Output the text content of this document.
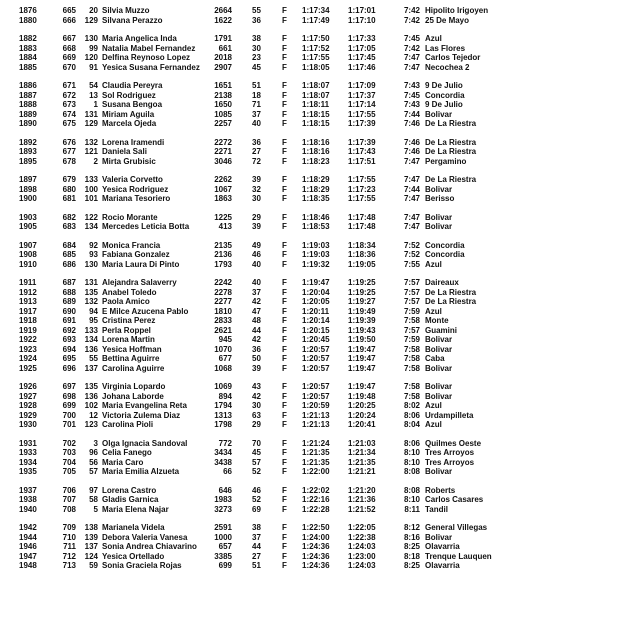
1876	665	20 Silvia Muzzo	2664	55	F 1:17:34 1:17:01	7:42 Hipolito Irigoyen
1880	666	129 Silvana Perazzo	1622	36	F 1:17:49 1:17:10	7:42 25 De Mayo
1882	667	130 Maria Angelica Inda	1791	38	F 1:17:50 1:17:33	7:45 Azul
1883	668	99 Natalia Mabel Fernandez	661	30	F 1:17:52 1:17:05	7:42 Las Flores
1884	669	120 Delfina Reynoso Lopez	2018	23	F 1:17:55 1:17:45	7:47 Carlos Tejedor
1885	670	91 Yesica Susana Fernandez	2907	45	F 1:18:05 1:17:46	7:47 Necochea 2
1886	671	54 Claudia Pereyra	1651	51	F 1:18:07 1:17:09	7:43 9 De Julio
1887	672	13 Sol Rodriguez	2138	18	F 1:18:07 1:17:37	7:45 Concordia
1888	673	1 Susana Bengoa	1650	71	F 1:18:11 1:17:14	7:43 9 De Julio
1889	674	131 Miriam Aguila	1085	37	F 1:18:15 1:17:55	7:44 Bolivar
1890	675	129 Marcela Ojeda	2257	40	F 1:18:15 1:17:39	7:46 De La Riestra
1892	676	132 Lorena Iramendi	2272	36	F 1:18:16 1:17:39	7:46 De La Riestra
1893	677	121 Daniela Sali	2271	27	F 1:18:16 1:17:43	7:46 De La Riestra
1895	678	2 Mirta Grubisic	3046	72	F 1:18:23 1:17:51	7:47 Pergamino
1897	679	133 Valeria Corvetto	2262	39	F 1:18:29 1:17:55	7:47 De La Riestra
1898	680	100 Yesica Rodriguez	1067	32	F 1:18:29 1:17:23	7:44 Bolivar
1900	681	101 Mariana Tesoriero	1863	30	F 1:18:35 1:17:55	7:47 Berisso
1903	682	122 Rocio Morante	1225	29	F 1:18:46 1:17:48	7:47 Bolivar
1905	683	134 Mercedes Leticia Botta	413	39	F 1:18:53 1:17:48	7:47 Bolivar
1907	684	92 Monica Francia	2135	49	F 1:19:03 1:18:34	7:52 Concordia
1908	685	93 Fabiana Gonzalez	2136	46	F 1:19:03 1:18:36	7:52 Concordia
1910	686	130 Maria Laura Di Pinto	1793	40	F 1:19:32 1:19:05	7:55 Azul
1911	687	131 Alejandra Salaverry	2242	40	F 1:19:47 1:19:25	7:57 Daireaux
1912	688	135 Anabel Toledo	2278	37	F 1:20:04 1:19:25	7:57 De La Riestra
1913	689	132 Paola Amico	2277	42	F 1:20:05 1:19:27	7:57 De La Riestra
1917	690	94 E Milce Azucena Pablo	1810	47	F 1:20:11 1:19:49	7:59 Azul
1918	691	95 Cristina Perez	2833	48	F 1:20:14 1:19:39	7:58 Monte
1919	692	133 Perla Roppel	2621	44	F 1:20:15 1:19:43	7:57 Guamini
1922	693	134 Lorena Martin	945	42	F 1:20:45 1:19:50	7:59 Bolivar
1923	694	136 Yesica Hoffman	1070	36	F 1:20:57 1:19:47	7:58 Bolivar
1924	695	55 Bettina Aguirre	677	50	F 1:20:57 1:19:47	7:58 Caba
1925	696	137 Carolina Aguirre	1068	39	F 1:20:57 1:19:47	7:58 Bolivar
1926	697	135 Virginia Lopardo	1069	43	F 1:20:57 1:19:47	7:58 Bolivar
1927	698	136 Johana Laborde	894	42	F 1:20:57 1:19:48	7:58 Bolivar
1928	699	102 Maria Evangelina Reta	1794	30	F 1:20:59 1:20:25	8:02 Azul
1929	700	12 Victoria Zulema Diaz	1313	63	F 1:21:13 1:20:24	8:06 Urdampilleta
1930	701	123 Carolina Pioli	1798	29	F 1:21:13 1:20:41	8:04 Azul
1931	702	3 Olga Ignacia Sandoval	772	70	F 1:21:24 1:21:03	8:06 Quilmes Oeste
1933	703	96 Celia Fanego	3434	45	F 1:21:35 1:21:34	8:10 Tres Arroyos
1934	704	56 Maria Caro	3438	57	F 1:21:35 1:21:35	8:10 Tres Arroyos
1935	705	57 Maria Emilia Alzueta	66	52	F 1:22:00 1:21:21	8:08 Bolivar
1937	706	97 Lorena Castro	646	46	F 1:22:02 1:21:20	8:08 Roberts
1938	707	58 Gladis Garnica	1983	52	F 1:22:16 1:21:36	8:10 Carlos Casares
1940	708	5 Maria Elena Najar	3273	69	F 1:22:28 1:21:52	8:11 Tandil
1942	709	138 Marianela Videla	2591	38	F 1:22:50 1:22:05	8:12 General Villegas
1944	710	139 Debora Valeria Vanesa	1000	37	F 1:24:00 1:22:38	8:16 Bolivar
1946	711	137 Sonia Andrea Chiavarino	657	44	F 1:24:36 1:24:03	8:25 Olavarria
1947	712	124 Yesica Ortellado	3385	27	F 1:24:36 1:23:00	8:18 Trenque Lauquen
1948	713	59 Sonia Graciela Rojas	699	51	F 1:24:36 1:24:03	8:25 Olavarria
